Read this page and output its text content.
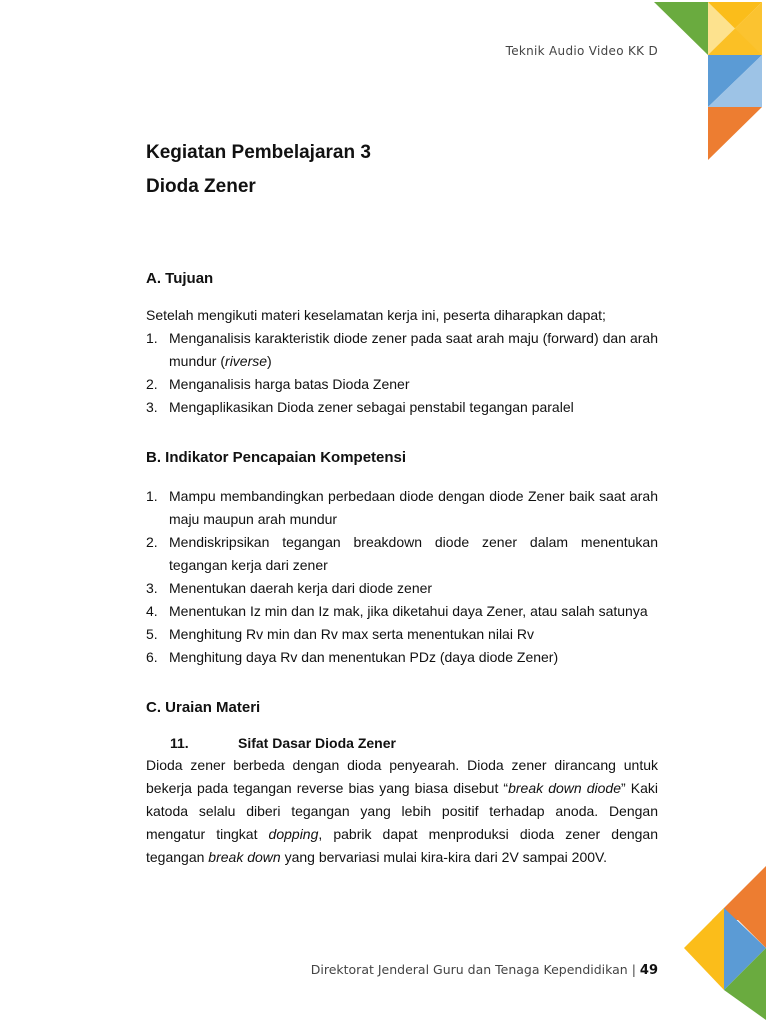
Teknik Audio Video KK D

Kegiatan Pembelajaran 3

Dioda Zener

A. Tujuan

Setelah mengikuti materi keselamatan kerja ini, peserta diharapkan dapat;

1. Menganalisis karakteristik diode zener pada saat arah maju (forward) dan arah mundur (riverse)
2. Menganalisis harga batas Dioda Zener
3. Mengaplikasikan Dioda zener sebagai penstabil tegangan paralel

B. Indikator Pencapaian Kompetensi

1. Mampu membandingkan perbedaan diode dengan diode Zener baik saat arah maju maupun arah mundur
2. Mendiskripsikan tegangan breakdown diode zener dalam menentukan tegangan kerja dari zener
3. Menentukan daerah kerja dari diode zener
4. Menentukan Iz min dan Iz mak, jika diketahui daya Zener, atau salah satunya
5. Menghitung Rv min dan Rv max serta menentukan nilai Rv
6. Menghitung daya Rv dan menentukan PDz (daya diode Zener)

C. Uraian Materi

11.	Sifat Dasar Dioda Zener

Dioda zener berbeda dengan dioda penyearah. Dioda zener dirancang untuk bekerja pada tegangan reverse bias yang biasa disebut “break down diode” Kaki katoda selalu diberi tegangan yang lebih positif terhadap anoda. Dengan mengatur tingkat dopping, pabrik dapat menproduksi dioda zener dengan tegangan break down yang bervariasi mulai kira-kira dari 2V sampai 200V.

Direktorat Jenderal Guru dan Tenaga Kependidikan | 49
